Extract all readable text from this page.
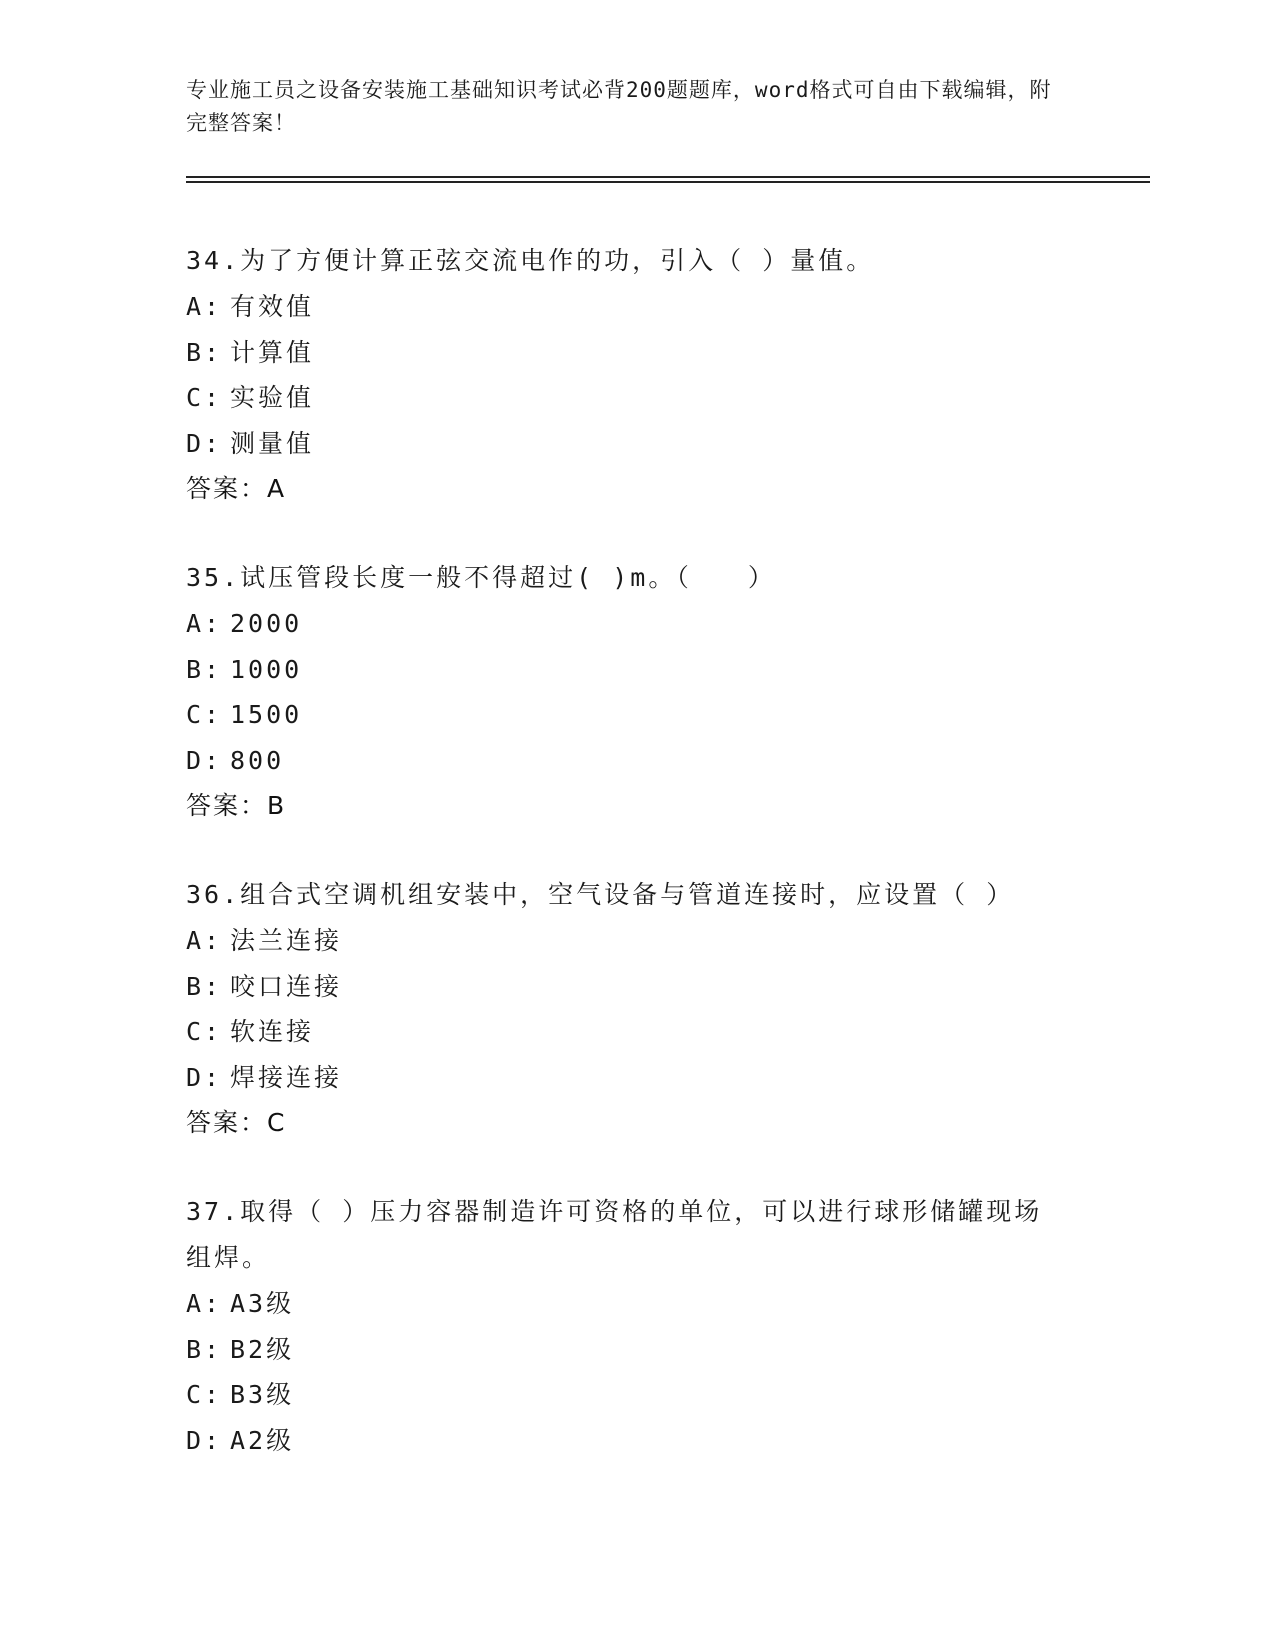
专业施工员之设备安装施工基础知识考试必背200题题库，word格式可自由下载编辑，附完整答案！

34.为了方便计算正弦交流电作的功，引入（ ）量值。

A: 有效值
B: 计算值
C: 实验值
D: 测量值
答案：A

35.试压管段长度一般不得超过( )m。（　　）

A: 2000
B: 1000
C: 1500
D: 800
答案：B

36.组合式空调机组安装中，空气设备与管道连接时，应设置（ ）

A: 法兰连接
B: 咬口连接
C: 软连接
D: 焊接连接
答案：C

37.取得（ ）压力容器制造许可资格的单位，可以进行球形储罐现场组焊。

A: A3级
B: B2级
C: B3级
D: A2级
